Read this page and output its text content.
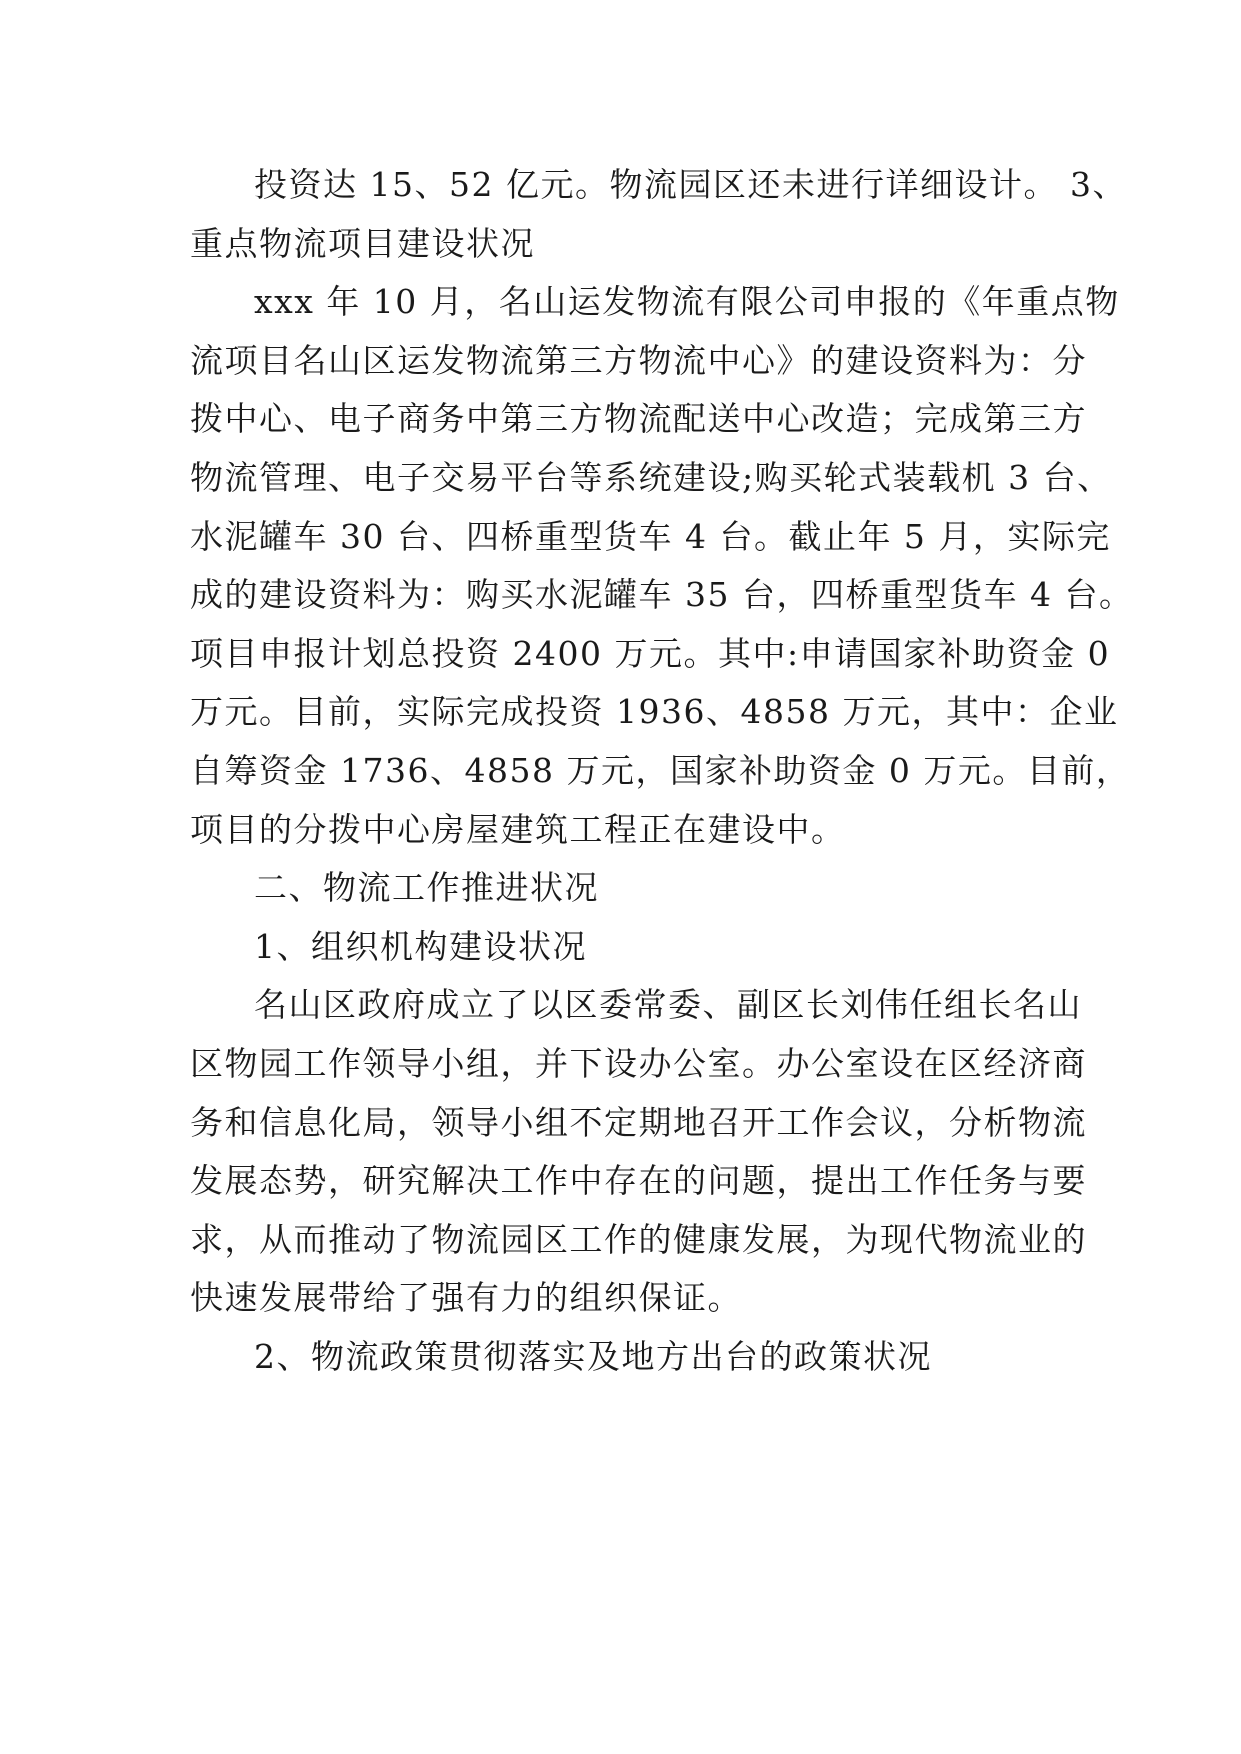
投资达 15、52 亿元。物流园区还未进行详细设计。 3、
重点物流项目建设状况
xxx 年 10 月，名山运发物流有限公司申报的《年重点物
流项目名山区运发物流第三方物流中心》的建设资料为：分
拨中心、电子商务中第三方物流配送中心改造；完成第三方
物流管理、电子交易平台等系统建设;购买轮式装载机 3 台、
水泥罐车 30 台、四桥重型货车 4 台。截止年 5 月，实际完
成的建设资料为：购买水泥罐车 35 台，四桥重型货车 4 台。
项目申报计划总投资 2400 万元。其中:申请国家补助资金 0
万元。目前，实际完成投资 1936、4858 万元，其中：企业
自筹资金 1736、4858 万元，国家补助资金 0 万元。目前，
项目的分拨中心房屋建筑工程正在建设中。
二、物流工作推进状况
1、组织机构建设状况
名山区政府成立了以区委常委、副区长刘伟任组长名山
区物园工作领导小组，并下设办公室。办公室设在区经济商
务和信息化局，领导小组不定期地召开工作会议，分析物流
发展态势，研究解决工作中存在的问题，提出工作任务与要
求，从而推动了物流园区工作的健康发展，为现代物流业的
快速发展带给了强有力的组织保证。
2、物流政策贯彻落实及地方出台的政策状况
